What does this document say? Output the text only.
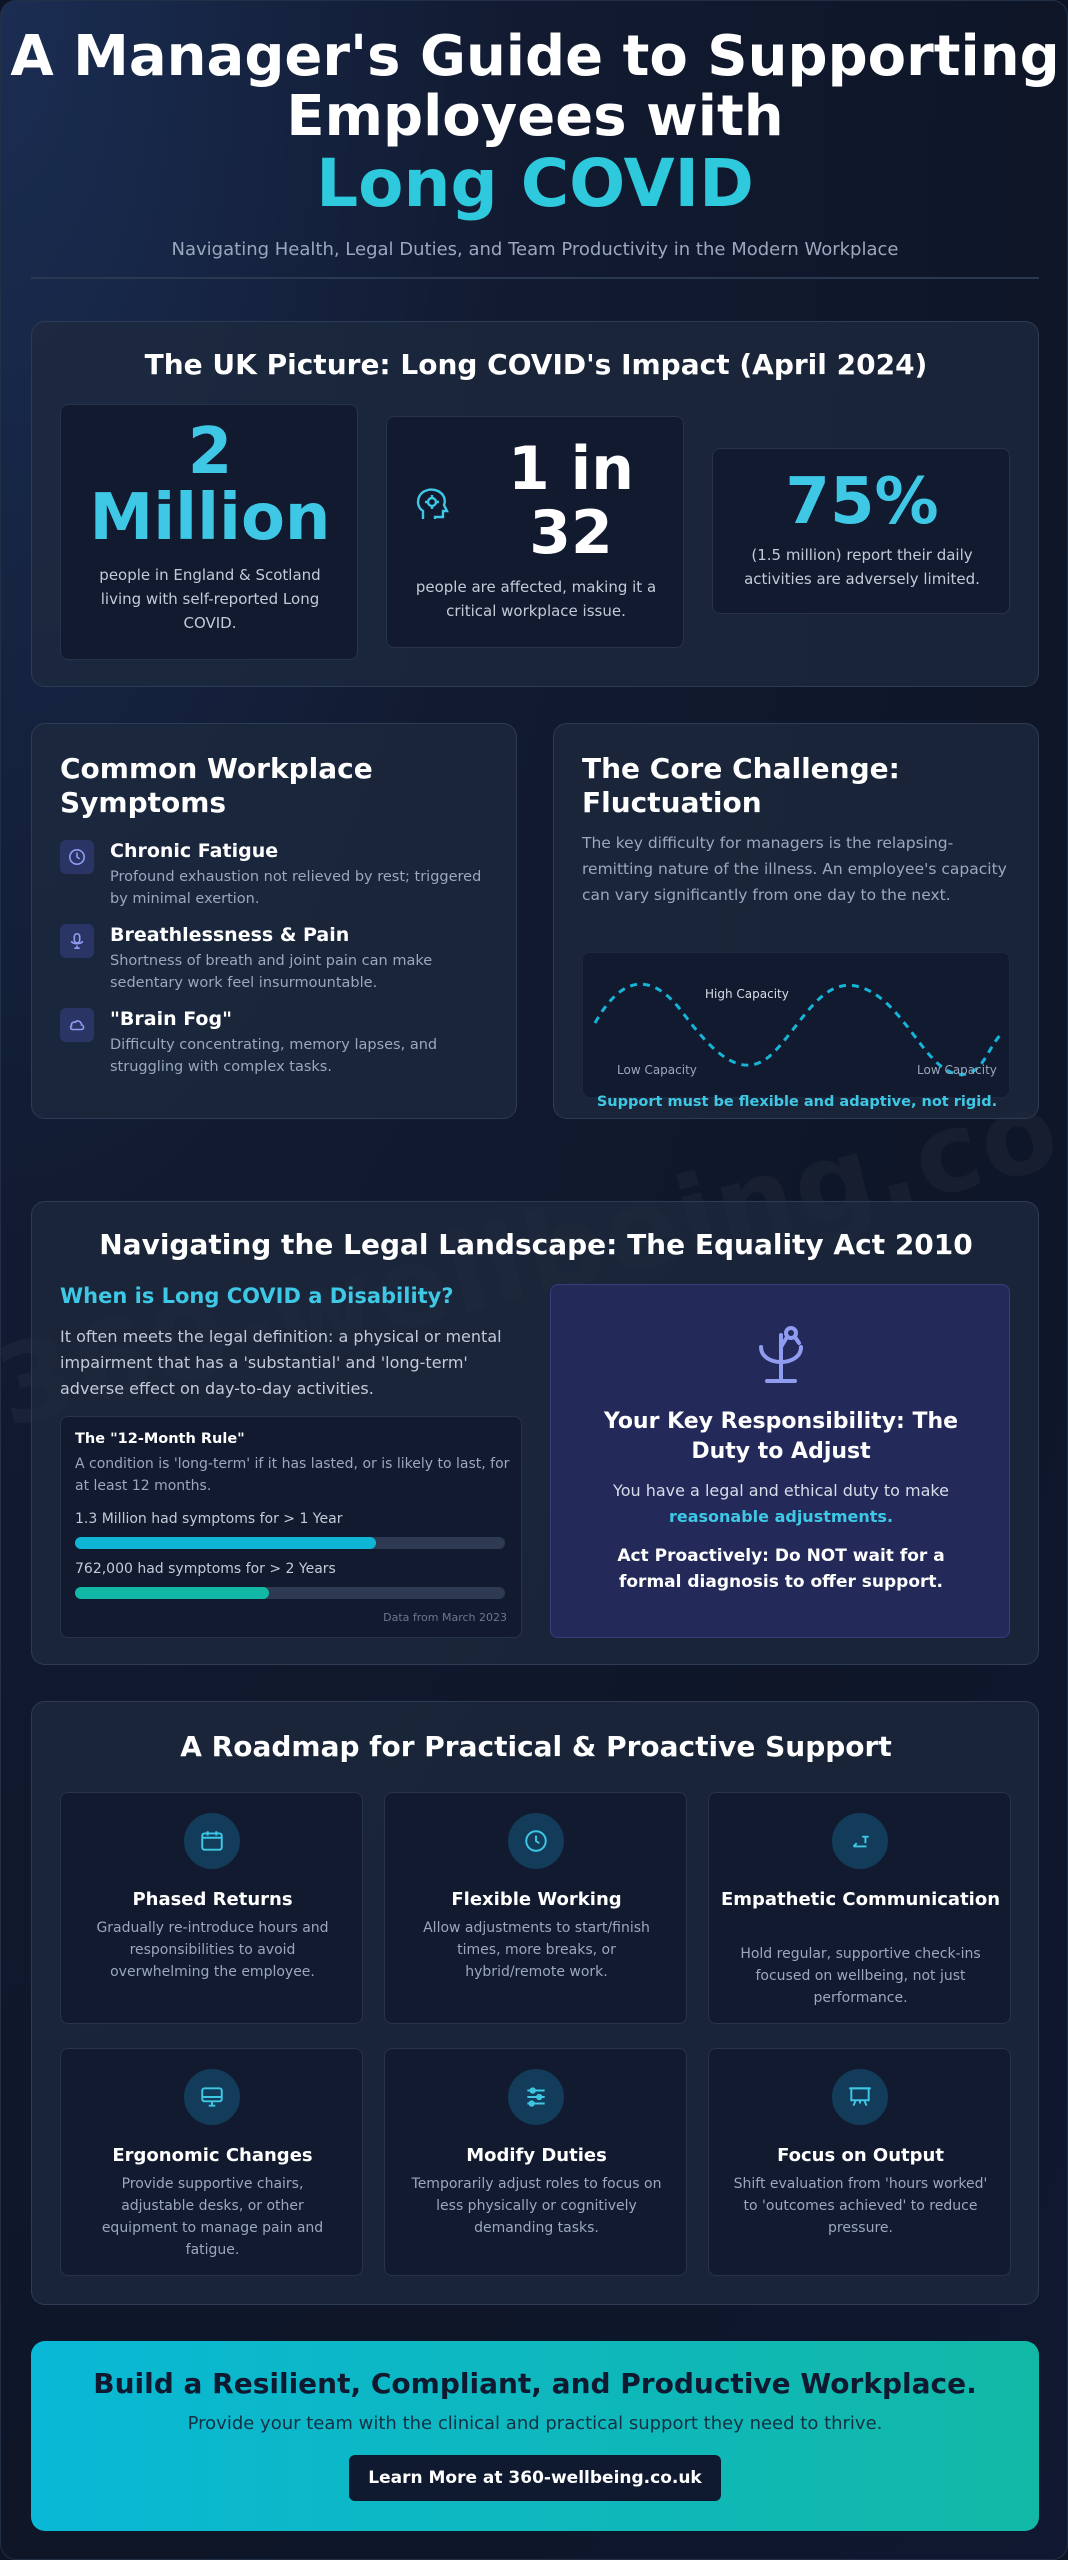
A Manager's Guide to Supporting
Employees with
Long COVID
Navigating Health, Legal Duties, and Team Productivity in the Modern Workplace
The UK Picture: Long COVID's Impact (April 2024)
2
Million
people in England & Scotland living with self-reported Long COVID.
1 in
32
people are affected, making it a critical workplace issue.
75%
(1.5 million) report their daily activities are adversely limited.
Common Workplace
Symptoms
Chronic Fatigue
Profound exhaustion not relieved by rest; triggered by minimal exertion.
Breathlessness & Pain
Shortness of breath and joint pain can make sedentary work feel insurmountable.
"Brain Fog"
Difficulty concentrating, memory lapses, and struggling with complex tasks.
The Core Challenge:
Fluctuation
The key difficulty for managers is the relapsing-remitting nature of the illness. An employee's capacity can vary significantly from one day to the next.
High Capacity
Low Capacity	Low Capacity
Support must be flexible and adaptive, not rigid.
Navigating the Legal Landscape: The Equality Act 2010
When is Long COVID a Disability?
It often meets the legal definition: a physical or mental impairment that has a 'substantial' and 'long-term' adverse effect on day-to-day activities.
The "12-Month Rule"
A condition is 'long-term' if it has lasted, or is likely to last, for at least 12 months.
1.3 Million had symptoms for > 1 Year
762,000 had symptoms for > 2 Years
Data from March 2023
Your Key Responsibility: The Duty to Adjust
You have a legal and ethical duty to make
reasonable adjustments.
Act Proactively: Do NOT wait for a formal diagnosis to offer support.
A Roadmap for Practical & Proactive Support
Phased Returns
Gradually re-introduce hours and responsibilities to avoid overwhelming the employee.
Flexible Working
Allow adjustments to start/finish times, more breaks, or hybrid/remote work.
Empathetic Communication
Hold regular, supportive check-ins focused on wellbeing, not just performance.
Ergonomic Changes
Provide supportive chairs, adjustable desks, or other equipment to manage pain and fatigue.
Modify Duties
Temporarily adjust roles to focus on less physically or cognitively demanding tasks.
Focus on Output
Shift evaluation from 'hours worked' to 'outcomes achieved' to reduce pressure.
Build a Resilient, Compliant, and Productive Workplace.
Provide your team with the clinical and practical support they need to thrive.
Learn More at 360-wellbeing.co.uk
